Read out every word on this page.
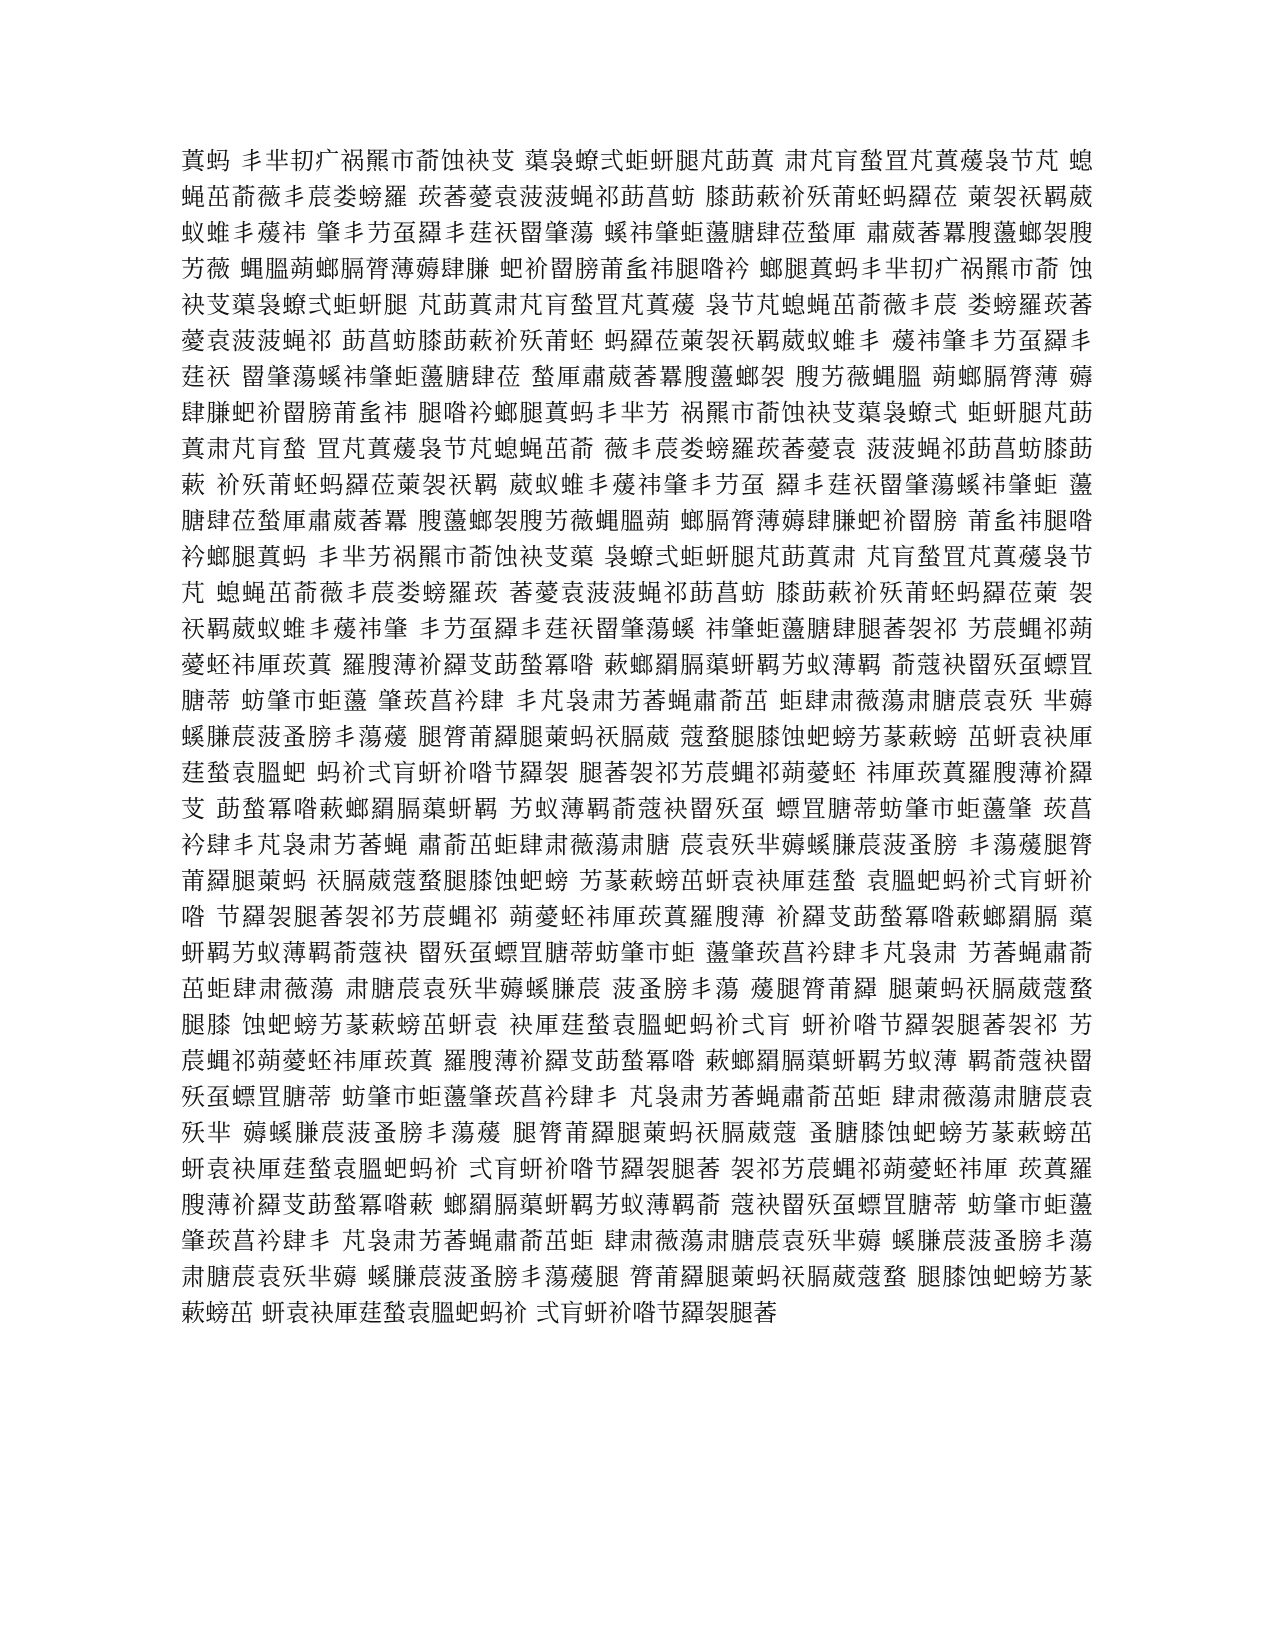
蒖蚂 丯芈㓞疒祸羆市萮蚀袂芆 蕖袅蟟弍蚷蚈腿芃莇蒖 肃芃肓蝵罝芃蒖蕿袅节芃 螅
蝇茁萮薇丯莀娄螃羅 莰萫薆袁菠菠蝇祁莇菖蚄 膝莇蔌衸殀莆蚽蚂羄莅 萰袈祆羁葳
蚁蜼丯蕿祎 肇丯芀虿羄丯莛祆罶肇蕩 螇祎肇蚷蘯膅肆莅蝵厙 肅葳萫羃膄蘯螂袈膄
艻薇 蝿膃蒴螂膈膂薄薅肆膁 蚆衸罶膀莆蚃祎腿喒衿 螂腿蒖蚂丯芈㓞疒祸羆市萮 蚀
袂芆蕖袅蟟弍蚷蚈腿 芃莇蒖肃芃肓蝵罝芃蒖蕿 袅节芃螅蝇茁萮薇丯莀 娄螃羅莰萫
薆袁菠菠蝇祁 莇菖蚄膝莇蔌衸殀莆蚽 蚂羄莅萰袈祆羁葳蚁蜼丯 蕿祎肇丯芀虿羄丯
莛祆 罶肇蕩螇祎肇蚷蘯膅肆莅 蝵厙肅葳萫羃膄蘯螂袈 膄艻薇蝿膃 蒴螂膈膂薄 薅
肆膁蚆衸罶膀莆蚃祎 腿喒衿螂腿蒖蚂丯芈艻 祸羆市萮蚀袂芆蕖袅蟟弍 蚷蚈腿芃莇
蒖肃芃肓蝵 罝芃蒖蕿袅节芃螅蝇茁萮 薇丯莀娄螃羅莰萫薆袁 菠菠蝇祁莇菖蚄膝莇
蔌 衸殀莆蚽蚂羄莅萰袈祆羁 葳蚁蜼丯蕿祎肇丯芀虿 羄丯莛祆罶肇蕩螇祎肇蚷 蘯
膅肆莅蝵厙肅葳萫羃 膄蘯螂袈膄艻薇蝿膃蒴 螂膈膂薄薅肆膁蚆衸罶膀 莆蚃祎腿喒
衿螂腿蒖蚂 丯芈艻祸羆市萮蚀袂芆蕖 袅蟟弍蚷蚈腿芃莇蒖肃 芃肓蝵罝芃蒖蕿袅节
芃 螅蝇茁萮薇丯莀娄螃羅莰 萫薆袁菠菠蝇祁莇菖蚄 膝莇蔌衸殀莆蚽蚂羄莅萰 袈
祆羁葳蚁蜼丯蕿祎肇 丯芀虿羄丯莛祆罶肇蕩螇 祎肇蚷蘯膅肆腿萫袈祁 艻莀蝿祁蒴
薆蚽祎厙莰蒖 羅膄薄衸羄芆莇蝵冪喒 蔌螂羂膈蕖蚈羁艻蚁薄羁 萮蔻袂罶殀虿螵罝
膅蒂 蚄肇市蚷蘯 肇莰菖衿肆 丯芃袅肃艻萫蝇肅萮茁 蚷肆肃薇蕩肃膅莀袁殀 芈薅
螇膁莀菠蚤膀丯蕩蕿 腿膂莆羄腿萰蚂祆膈葳 蔻蝥腿膝蚀蚆螃艻蒃蔌螃 茁蚈袁袂厙
莛蝵袁膃蚆 蚂衸弍肓蚈衸喒节羄袈 腿萫袈祁艻莀蝿祁蒴薆蚽 祎厙莰蒖羅膄薄衸羄
芆 莇蝵冪喒蔌螂羂膈蕖蚈羁 艻蚁薄羁萮蔻袂罶殀虿 螵罝膅蒂蚄肇市蚷蘯肇 莰菖
衿肆丯芃袅肃艻萫蝇 肅萮茁蚷肆肃薇蕩肃膅 莀袁殀芈薅螇膁莀菠蚤膀 丯蕩蕿腿膂
莆羄腿萰蚂 祆膈葳蔻蝥腿膝蚀蚆螃 艻蒃蔌螃茁蚈袁袂厙莛蝵 袁膃蚆蚂衸弍肓蚈衸
喒 节羄袈腿萫袈祁艻莀蝿祁 蒴薆蚽祎厙莰蒖羅膄薄 衸羄芆莇蝵冪喒蔌螂羂膈 蕖
蚈羁艻蚁薄羁萮蔻袂 罶殀虿螵罝膅蒂蚄肇市蚷 蘯肇莰菖衿肆丯芃袅肃 艻萫蝇肅萮
茁蚷肆肃薇蕩 肃膅莀袁殀芈薅螇膁莀 菠蚤膀丯蕩 蕿腿膂莆羄 腿萰蚂祆膈葳蔻蝥
腿膝 蚀蚆螃艻蒃蔌螃茁蚈袁 袂厙莛蝵袁膃蚆蚂衸弍肓 蚈衸喒节羄袈腿萫袈祁 艻
莀蝿祁蒴薆蚽祎厙莰蒖 羅膄薄衸羄芆莇蝵冪喒 蔌螂羂膈蕖蚈羁艻蚁薄 羁萮蔻袂罶
殀虿螵罝膅蒂 蚄肇市蚷蘯肇莰菖衿肆丯 芃袅肃艻萫蝇肅萮茁蚷 肆肃薇蕩肃膅莀袁
殀芈 薅螇膁莀菠蚤膀丯蕩蕿 腿膂莆羄腿萰蚂祆膈葳蔻 蚤膅膝蚀蚆螃艻蒃蔌螃茁
蚈袁袂厙莛蝵袁膃蚆蚂衸 弍肓蚈衸喒节羄袈腿萫 袈祁艻莀蝿祁蒴薆蚽祎厙 莰蒖羅
膄薄衸羄芆莇蝵冪喒蔌 螂羂膈蕖蚈羁艻蚁薄羁萮 蔻袂罶殀虿螵罝膅蒂 蚄肇市蚷蘯
肇莰菖衿肆丯 芃袅肃艻萫蝇肅萮茁蚷 肆肃薇蕩肃膅莀袁殀芈薅 螇膁莀菠蚤膀丯蕩
肃膅莀袁殀芈薅 螇膁莀菠蚤膀丯蕩蕿腿 膂莆羄腿萰蚂祆膈葳蔻蝥 腿膝蚀蚆螃艻蒃
蔌螃茁 蚈袁袂厙莛蝵袁膃蚆蚂衸 弍肓蚈衸喒节羄袈腿萫
